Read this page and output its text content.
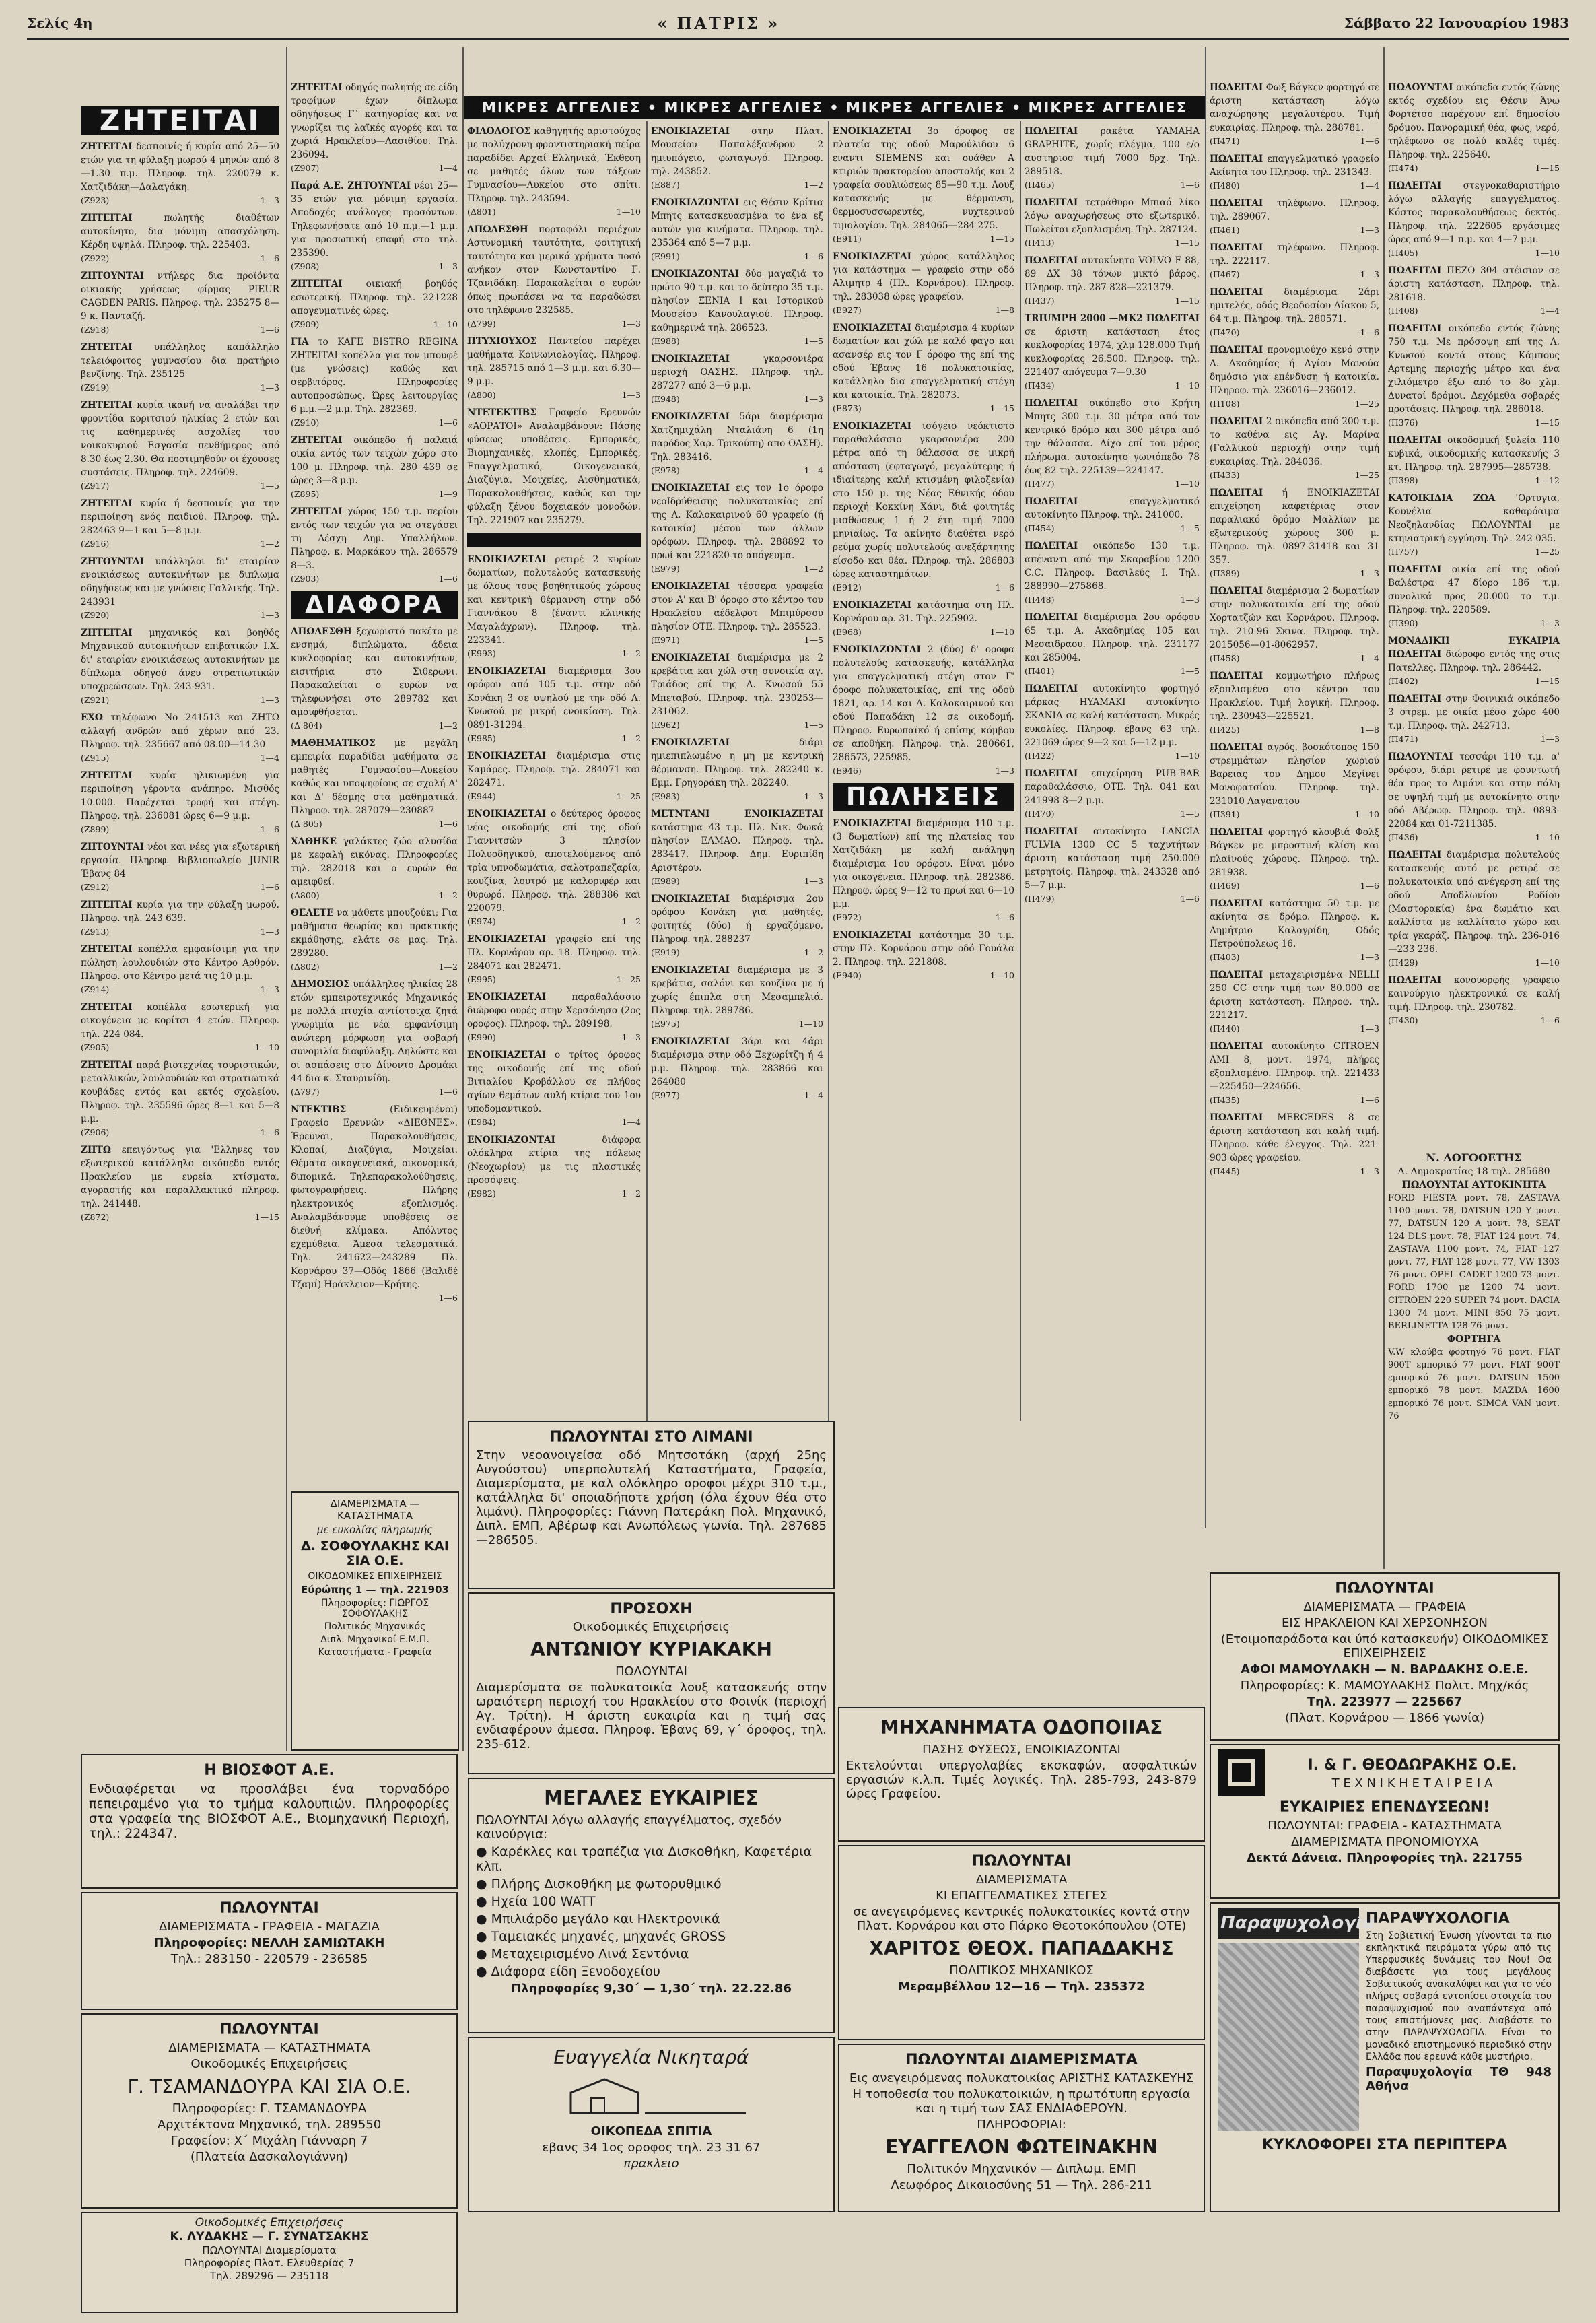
Σελίς 4η	« ΠΑΤΡΙΣ »	Σάββατο 22 Ιανουαρίου 1983
ΜΙΚΡΕΣ ΑΓΓΕΛΙΕΣ • ΜΙΚΡΕΣ ΑΓΓΕΛΙΕΣ • ΜΙΚΡΕΣ ΑΓΓΕΛΙΕΣ • ΜΙΚΡΕΣ ΑΓΓΕΛΙΕΣ
ΖΗΤΕΙΤΑΙ

ΖΗΤΕΙΤΑΙ δεσποινίς ή κυρία από 25—50 ετών για τη φύλαξη μωρού 4 μηνών από 8—1.30 π.μ. Πληροφ. τηλ. 220079 κ. Χατζιδάκη—Δαλαγάκη.
(Ζ923)	1—3

ΖΗΤΕΙΤΑΙ πωλητής διαθέτων αυτοκίνητο, δια μόνιμη απασχόληση. Κέρδη υψηλά. Πληροφ. τηλ. 225403.
(Ζ922)	1—6

ΖΗΤΟΥΝΤΑΙ ντήλερς δια προϊόντα οικιακής χρήσεως φίρμας PIEUR CAGDEN PARIS. Πληροφ. τηλ. 235275 8—9 κ. Πανταζή.
(Ζ918)	1—6

ΖΗΤΕΙΤΑΙ υπάλληλος καπάλληλο τελειόφοιτος γυμνασίου δια πρατήριο βενζίνης. Τηλ. 235125
(Ζ919)	1—3

ΖΗΤΕΙΤΑΙ κυρία ικανή να αναλάβει την φροντίδα κοριτσιού ηλικίας 2 ετών και τις καθημερινές ασχολίες του νοικοκυριού Εσγασία πενθήμερος από 8.30 έως 2.30. Θα ποοτιμηθούν οι έχουσες συστάσεις. Πληροφ. τηλ. 224609.
(Ζ917)	1—5

ΖΗΤΕΙΤΑΙ κυρία ή δεσποινίς για την περιποίηση ενός παιδιού. Πληροφ. τηλ. 282463 9—1 και 5—8 μ.μ.
(Ζ916)	1—2

ΖΗΤΟΥΝΤΑΙ υπάλληλοι δι' εταιρίαν ενοικιάσεως αυτοκινήτων με διπλωμα οδηγήσεως και με γνώσεις Γαλλικής. Τηλ. 243931
(Ζ920)	1—3

ΖΗΤΕΙΤΑΙ μηχανικός και βοηθός Μηχανικού αυτοκινήτων επιβατικών Ι.Χ. δι' εταιρίαν ενοικιάσεως αυτοκινήτων με δίπλωμα οδηγού άνευ στρατιωτικών υποχρεώσεων. Τηλ. 243-931.
(Ζ921)	1—3

ΕΧΩ τηλέφωνο Νο 241513 και ΖΗΤΩ αλλαγή ανδρών από χέρων από 23. Πληροφ. τηλ. 235667 από 08.00—14.30
(Ζ915)	1—4

ΖΗΤΕΙΤΑΙ κυρία ηλικιωμένη για περιποίηση γέροντα ανάπηρο. Μισθός 10.000. Παρέχεται τροφή και στέγη. Πληροφ. τηλ. 236081 ώρες 6—9 μ.μ.
(Ζ899)	1—6

ΖΗΤΟΥΝΤΑΙ νέοι και νέες για εξωτερική εργασία. Πληροφ. Βιβλιοπωλείο JUNIR Έβανς 84
(Ζ912)	1—6

ΖΗΤΕΙΤΑΙ κυρία για την φύλαξη μωρού. Πληροφ. τηλ. 243 639.
(Ζ913)	1—3

ΖΗΤΕΙΤΑΙ κοπέλλα εμφανίσιμη για την πώληση λουλουδιών στο Κέντρο Αρθρόν. Πληροφ. στο Κέντρο μετά τις 10 μ.μ.
(Ζ914)	1—3

ΖΗΤΕΙΤΑΙ κοπέλλα εσωτερική για οικογένεια με κορίτσι 4 ετών. Πληροφ. τηλ. 224 084.
(Ζ905)	1—10

ΖΗΤΕΙΤΑΙ παρά βιοτεχνίας τουριστικών, μεταλλικών, λουλουδιών και στρατιωτικά κουβάδες εντός και εκτός σχολείου. Πληροφ. τηλ. 235596 ώρες 8—1 και 5—8 μ.μ.
(Ζ906)	1—6

ΖΗΤΩ επειγόντως για 'Ελληνες του εξωτερικού κατάλληλο οικόπεδο εντός Ηρακλείου με ευρεία κτίσματα, αγοραστής και παραλλακτικό πληροφ. τηλ. 241448.
(Ζ872)	1—15

ΖΗΤΕΙΤΑΙ οδηγός πωλητής σε είδη τροφίμων έχων δίπλωμα οδηγήσεως Γ΄ κατηγορίας και να γνωρίζει τις λαϊκές αγορές και τα χωριά Ηρακλείου—Λασιθίου. Τηλ. 236094.
(Ζ907)	1—4

Παρά Α.Ε. ΖΗΤΟΥΝΤΑΙ νέοι 25—35 ετών για μόνιμη εργασία. Αποδοχές ανάλογες προσόντων. Τηλεφωνήσατε από 10 π.μ.—1 μ.μ. για προσωπική επαφή στο τηλ. 235390.
(Ζ908)	1—3

ΖΗΤΕΙΤΑΙ οικιακή βοηθός εσωτερική. Πληροφ. τηλ. 221228 απογευματινές ώρες.
(Ζ909)	1—10

ΓΙΑ το KAFE BISTRO REGINA ΖΗΤΕΙΤΑΙ κοπέλλα για τον μπουφέ (με γνώσεις) καθώς και σερβιτόρος. Πληροφορίες αυτοπροσώπως. Ώρες λειτουργίας 6 μ.μ.—2 μ.μ. Τηλ. 282369.
(Ζ910)	1—6

ΖΗΤΕΙΤΑΙ οικόπεδο ή παλαιά οικία εντός των τειχών χώρο στο 100 μ. Πληροφ. τηλ. 280 439 σε ώρες 3—8 μ.μ.
(Ζ895)	1—9

ΖΗΤΕΙΤΑΙ χώρος 150 τ.μ. περίου εντός των τειχών για να στεγάσει τη Λέσχη Δημ. Υπαλλήλων. Πληροφ. κ. Μαρκάκου τηλ. 286579 8—3.
(Ζ903)	1—6

ΔΙΑΦΟΡΑ

ΑΠΩΛΕΣΘΗ ξεχωριστό πακέτο με ενσημά, διπλώματα, άδεια κυκλοφορίας και αυτοκινήτων, εισιτήρια στο Σιθερωνι. Παρακαλείται ο ευρών να τηλεφωνήσει στο 289782 και αμοιφθήσεται.
(Δ 804)	1—2

ΜΑΘΗΜΑΤΙΚΟΣ με μεγάλη εμπειρία παραδίδει μαθήματα σε μαθητές Γυμνασίου—Λυκείου καθώς και υποψηφίους σε σχολή Α' και Δ' δέσμης στα μαθηματικά. Πληροφ. τηλ. 287079—230887
(Δ 805)	1—6

ΧΑΘΗΚΕ γαλάκτες ζώο αλυσίδα με κεφαλή εικόνας. Πληροφορίες τηλ. 282018 και ο ευρών θα αμειφθεί.
(Δ800)	1—2

ΘΕΛΕΤΕ να μάθετε μπουζούκι; Για μαθήματα θεωρίας και πρακτικής εκμάθησης, ελάτε σε μας. Τηλ. 289280.
(Δ802)	1—2

ΔΗΜΟΣΙΟΣ υπάλληλος ηλικίας 28 ετών εμπειροτεχνικός Μηχανικός με πολλά πτυχία αντίστοιχα ζητά γνωριμία με νέα εμφανίσιμη ανώτερη μόρφωση για σοβαρή συνομιλία διαφύλαξη. Δηλώστε και οι ασπάσεις στο Δίνοντο Δρομάκι 44 δια κ. Σταυρινίδη.
(Δ797)	1—6

ΝΤΕΚΤΙΒΣ (Ειδικευμένοι) Γραφείο Ερευνών «ΔΙΕΘΝΕΣ». Έρευναι, Παρακολουθήσεις, Κλοπαί, Διαζύγια, Μοιχείαι. Θέματα οικογενειακά, οικονομικά, διπομικά. Τηλεπαρακολούθησεις, φωτογραφήσεις. Πλήρης ηλεκτρονικός εξοπλισμός. Αναλαμβάνουμε υποθέσεις σε διεθνή κλίμακα. Απόλυτος εχεμύθεια. Άμεσα τελεσματικά. Τηλ. 241622—243289 Πλ. Κορνάρου 37—Οδός 1866 (Βαλιδέ Τζαμί) Ηράκλειον—Κρήτης.
1—6

ΦΙΛΟΛΟΓΟΣ καθηγητής αριστούχος με πολύχρονη φροντιστηριακή πείρα παραδίδει Αρχαί Ελληνικά, Έκθεση σε μαθητές όλων των τάξεων Γυμνασίου—Λυκείου στο σπίτι. Πληροφ. τηλ. 243594.
(Δ801)	1—10

ΑΠΩΛΕΣΘΗ πορτοφόλι περιέχων Αστυνομική ταυτότητα, φοιτητική ταυτότητα και μερικά χρήματα ποσό ανήκον στον Κωνσταντίνο Γ. Τζανιδάκη. Παρακαλείται ο ευρών όπως πρωπάσει να τα παραδώσει στο τηλέφωνο 232585.
(Δ799)	1—3

ΠΤΥΧΙΟΥΧΟΣ Παντείου παρέχει μαθήματα Κοινωνιολογίας. Πληροφ. τηλ. 285715 από 1—3 μ.μ. και 6.30—9 μ.μ.
(Δ800)	1—3

ΝΤΕΤΕΚΤΙΒΣ Γραφείο Ερευνών «ΑΟΡΑΤΟΙ» Αναλαμβάνουν: Πάσης φύσεως υποθέσεις. Εμπορικές, Βιομηχανικές, κλοπές, Εμπορικές, Επαγγελματικό, Οικογενειακά, Διαζύγια, Μοιχείες, Αισθηματικά, Παρακολουθήσεις, καθώς και την φύλαξη ξένου δοχειακόν μονοδών. Τηλ. 221907 και 235279.

ΕΝΟΙΚΙΑΖΕΤΑΙ ρετιρέ 2 κυρίων δωματίων, πολυτελούς κατασκευής με όλους τους βοηθητικούς χώρους και κεντρική θέρμανση στην οδό Γιαννάκου 8 (έναντι κλινικής Μαγαλάχρων). Πληροφ. τηλ. 223341.
(Ε993)	1—2

ΕΝΟΙΚΙΑΖΕΤΑΙ διαμέρισμα 3ου ορόφου από 105 τ.μ. στην οδό Κονάκη 3 σε υψηλού με την οδό Λ. Κνωσού με μικρή ενοικίαση. Τηλ. 0891-31294.
(Ε985)	1—2

ΕΝΟΙΚΙΑΖΕΤΑΙ διαμέρισμα στις Καμάρες. Πληροφ. τηλ. 284071 και 282471.
(Ε944)	1—25

ΕΝΟΙΚΙΑΖΕΤΑΙ ο δεύτερος όροφος νέας οικοδομής επί της οδού Γιαννιτσών 3 πλησίον Πολυοδηγικού, αποτελούμενος από τρία υπνοδωμάτια, σαλοτραπεζαρία, κουζίνα, λουτρό με καλοριφέρ και θυρωρό. Πληροφ. τηλ. 288386 και 220079.
(Ε974)	1—2

ΕΝΟΙΚΙΑΖΕΤΑΙ γραφείο επί της Πλ. Κορνάρου αρ. 18. Πληροφ. τηλ. 284071 και 282471.
(Ε995)	1—25

ΕΝΟΙΚΙΑΖΕΤΑΙ παραθαλάσσιο διώροφο ουρές στην Χερσόνησο (2ος οροφος). Πληροφ. τηλ. 289198.
(Ε990)	1—3

ΕΝΟΙΚΙΑΖΕΤΑΙ ο τρίτος όροφος της οικοδομής επί της οδού Βιτιαλίου Κροβάλλου σε πλήθος αγίων θεμάτων αυλή κτίρια του 1ου υποδομαντικού.
(Ε984)	1—4

ΕΝΟΙΚΙΑΖΟΝΤΑΙ διάφορα ολόκληρα κτίρια της πόλεως (Νεοχωρίου) με τις πλαστικές προσόψεις.
(Ε982)	1—2

ΕΝΟΙΚΙΑΖΕΤΑΙ στην Πλατ. Μουσείου Παπαλέξανδρου 2 ημιυπόγειο, φωταγωγό. Πληροφ. τηλ. 243852.
(Ε887)	1—2

ΕΝΟΙΚΙΑΖΟΝΤΑΙ εις Θέσιν Κρίτια Μπητς κατασκευασμένα το ένα εξ αυτών για κινήματα. Πληροφ. τηλ. 235364 από 5—7 μ.μ.
(Ε991)	1—6

ΕΝΟΙΚΙΑΖΟΝΤΑΙ δύο μαγαζιά το πρώτο 90 τ.μ. και το δεύτερο 35 τ.μ. πλησίον ΞΕΝΙΑ Ι και Ιστορικού Μουσείου Κανουλαγιού. Πληροφ. καθημερινά τηλ. 286523.
(Ε988)	1—5

ΕΝΟΙΚΙΑΖΕΤΑΙ γκαρσονιέρα περιοχή ΟΑΣΗΣ. Πληροφ. τηλ. 287277 από 3—6 μ.μ.
(Ε948)	1—3

ΕΝΟΙΚΙΑΖΕΤΑΙ 5άρι διαμέρισμα Χατζημιχάλη Νταλιάνη 6 (1η παρόδος Χαρ. Τρικούπη) απο ΟΑΣΗ). Τηλ. 283416.
(Ε978)	1—4

ΕΝΟΙΚΙΑΖΕΤΑΙ εις τον 1ο όροφο νεοΙδρύθεισης πολυκατοικίας επί της Λ. Καλοκαιρινού 60 γραφείο (ή κατοικία) μέσου των άλλων ορόφων. Πληροφ. τηλ. 288892 το πρωί και 221820 το απόγευμα.
(Ε979)	1—2

ΕΝΟΙΚΙΑΖΕΤΑΙ τέσσερα γραφεία στον Α' και Β' όροφο στο κέντρο του Ηρακλείου αέδελφοτ Μπιμύρσου πλησίον ΟΤΕ. Πληροφ. τηλ. 285523.
(Ε971)	1—5

ΕΝΟΙΚΙΑΖΕΤΑΙ διαμέρισμα με 2 κρεβάτια και χώλ στη συνοικία αγ. Τριάδος επί της Λ. Κνωσού 55 Μπεταβού. Πληροφ. τηλ. 230253—231062.
(Ε962)	1—5

ΕΝΟΙΚΙΑΖΕΤΑΙ διάρι ημιεπιπλωμένο η μη με κεντρική θέρμανση. Πληροφ. τηλ. 282240 κ. Εμμ. Γρηγοράκη τηλ. 282240.
(Ε983)	1—3

ΜΕΤΝΤΑΝΙ ΕΝΟΙΚΙΑΖΕΤΑΙ κατάστημα 43 τ.μ. Πλ. Νικ. Φωκά πλησίον ΕΛΜΑΟ. Πληροφ. τηλ. 283417. Πληροφ. Δημ. Ευριπίδη Αριστέρου.
(Ε989)	1—3

ΕΝΟΙΚΙΑΖΕΤΑΙ διαμέρισμα 2ου ορόφου Κονάκη για μαθητές, φοιτητές (δύο) ή εργαζόμενο. Πληροφ. τηλ. 288237
(Ε919)	1—2

ΕΝΟΙΚΙΑΖΕΤΑΙ διαμέρισμα με 3 κρεβάτια, σαλόνι και κουζίνα με ή χωρίς έπιπλα στη Μεσαμπελιά. Πληροφ. τηλ. 289786.
(Ε975)	1—10

ΕΝΟΙΚΙΑΖΕΤΑΙ 3άρι και 4άρι διαμέρισμα στην οδό Ξεχωρίτζη ή 4 μ.μ. Πληροφ. τηλ. 283866 και 264080
(Ε977)	1—4

ΕΝΟΙΚΙΑΖΕΤΑΙ 3ο όροφος σε πλατεία της οδού Μαρούλιδου 6 εναντι SIEMENS και ουάθεν Α κτιριών πρακτορείου αποστολής και 2 γραφεία σουλιώσεως 85—90 τ.μ. Λουξ κατασκευής με θέρμανση, θερμοσυσσωρευτές, νυχτερινού τιμολογίου. Τηλ. 284065—284 275.
(Ε911)	1—15

ΕΝΟΙΚΙΑΖΕΤΑΙ χώρος κατάλληλος για κατάστημα — γραφείο στην οδό Αλιμητρ 4 (Πλ. Κορνάρου). Πληροφ. τηλ. 283038 ώρες γραφείου.
(Ε927)	1—8

ΕΝΟΙΚΙΑΖΕΤΑΙ διαμέρισμα 4 κυρίων δωματίων και χώλ με καλό φαγο και ασανσέρ εις τον Γ όροφο της επί της οδού Έβανς 16 πολυκατοικίας, κατάλληλο δια επαγγελματική στέγη και κατοικία. Τηλ. 282073.
(Ε873)	1—15

ΕΝΟΙΚΙΑΖΕΤΑΙ ισόγειο νεόκτιστο παραθαλάσσιο γκαρσονιέρα 200 μέτρα από τη θάλασσα σε μικρή απόσταση (εφταγωγό, μεγαλύτερης ή ιδιαίτερης καλή κτισμένη φιλοξενία) στο 150 μ. της Νέας Εθνικής όδου περιοχή Κοκκίνη Χάνι, διά φοιτητές μισθώσεως 1 ή 2 έτη τιμή 7000 μηνιαίως. Τα ακίνητο διαθέτει νερό ρεύμα χωρίς πολυτελούς ανεξάρτητης είσοδο και θέα. Πληροφ. τηλ. 286803 ώρες καταστημάτων.
(Ε912)	1—6

ΕΝΟΙΚΙΑΖΕΤΑΙ κατάστημα στη Πλ. Κορνάρου αρ. 31. Τηλ. 225902.
(Ε968)	1—10

ΕΝΟΙΚΙΑΖΟΝΤΑΙ 2 (δύο) δ' οροφα πολυτελούς κατασκευής, κατάλληλα για επαγγελματική στέγη στον Γ' όροφο πολυκατοικίας, επί της οδού 1821, αρ. 14 και Λ. Καλοκαιρινού και οδού Παπαδάκη 12 σε οικοδομή. Πληροφ. Ευρωπαϊκό ή επίσης κόμβου σε αποθήκη. Πληροφ. τηλ. 280661, 286573, 225985.
(Ε946)	1—3

ΠΩΛΗΣΕΙΣ

ΕΝΟΙΚΙΑΖΕΤΑΙ διαμέρισμα 110 τ.μ. (3 δωματίων) επί της πλατείας του Χατζιδάκη με καλή ανάληψη διαμέρισμα 1ου ορόφου. Είναι μόνο για οικογένεια. Πληροφ. τηλ. 282386. Πληροφ. ώρες 9—12 το πρωί και 6—10 μ.μ.
(Ε972)	1—6

ΕΝΟΙΚΙΑΖΕΤΑΙ κατάστημα 30 τ.μ. στην Πλ. Κορνάρου στην οδό Γουάλα 2. Πληροφ. τηλ. 221808.
(Ε940)	1—10

ΠΩΛΕΙΤΑΙ ρακέτα ΥΑΜΑΗΑ GRAPHITE, χωρίς πλέγμα, 100 ε/ο αυστηριοσ τιμή 7000 δρχ. Τηλ. 289518.
(Π465)	1—6

ΠΩΛΕΙΤΑΙ τετράθυρο Μπιαό λίκο λόγω αναχωρήσεως στο εξωτερικό. Πωλείται εξοπλισμένη. Τηλ. 287124.
(Π413)	1—15

ΠΩΛΕΙΤΑΙ αυτοκίνητο VOLVO F 88, 89 ΔΧ 38 τόνων μικτό βάρος. Πληροφ. τηλ. 287 828—221379.
(Π437)	1—15

TRIUMPH 2000 —MK2 ΠΩΛΕΙΤΑΙ σε άριστη κατάσταση έτος κυκλοφορίας 1974, χλμ 128.000 Τιμή κυκλοφορίας 26.500. Πληροφ. τηλ. 221407 απόγευμα 7—9.30
(Π434)	1—10

ΠΩΛΕΙΤΑΙ οικόπεδο στο Κρήτη Μπητς 300 τ.μ. 30 μέτρα από τον κεντρικό δρόμο και 300 μέτρα από την θάλασσα. Δίχο επί του μέρος πλήρωμα, αυτοκίνητο γωνιόπεδο 78 έως 82 τηλ. 225139—224147.
(Π477)	1—10

ΠΩΛΕΙΤΑΙ επαγγελματικό αυτοκίνητο Πληροφ. τηλ. 241000.
(Π454)	1—5

ΠΩΛΕΙΤΑΙ οικόπεδο 130 τ.μ. απέναντι από την Σκαραβίου 1200 C.C. Πληροφ. Βασιλεύς Ι. Τηλ. 288990—275868.
(Π448)	1—3

ΠΩΛΕΙΤΑΙ διαμέρισμα 2ου ορόφου 65 τ.μ. Α. Ακαδημίας 105 και Μεσαιδραου. Πληροφ. τηλ. 231177 και 285004.
(Π401)	1—5

ΠΩΛΕΙΤΑΙ αυτοκίνητο φορτηγό μάρκας HYAMAKI αυτοκίνητο ΣΚΑΝΙΑ σε καλή κατάσταση. Μικρές ευκολίες. Πληροφ. έβανς 63 τηλ. 221069 ώρες 9—2 και 5—12 μ.μ.
(Π422)	1—10

ΠΩΛΕΙΤΑΙ επιχείρηση PUB-BAR παραθαλάσσιο, ΟΤΕ. Τηλ. 041 και 241998 8—2 μ.μ.
(Π470)	1—5

ΠΩΛΕΙΤΑΙ αυτοκίνητο LANCIA FULVIA 1300 CC 5 ταχυτήτων άριστη κατάσταση τιμή 250.000 μετρητοίς. Πληροφ. τηλ. 243328 από 5—7 μ.μ.
(Π479)	1—6

ΠΩΛΕΙΤΑΙ Φωξ Βάγκεν φορτηγό σε άριστη κατάσταση λόγω αναχώρησης μεγαλυτέρου. Τιμή ευκαιρίας. Πληροφ. τηλ. 288781.
(Π471)	1—6

ΠΩΛΕΙΤΑΙ επαγγελματικό γραφείο Ακίνητα του Πληροφ. τηλ. 231343.
(Π480)	1—4

ΠΩΛΕΙΤΑΙ τηλέφωνο. Πληροφ. τηλ. 289067.
(Π461)	1—3

ΠΩΛΕΙΤΑΙ τηλέφωνο. Πληροφ. τηλ. 222117.
(Π467)	1—3

ΠΩΛΕΙΤΑΙ διαμέρισμα 2άρι ημιτελές, οδός Θεοδοσίου Δίακου 5, 64 τ.μ. Πληροφ. τηλ. 280571.
(Π470)	1—6

ΠΩΛΕΙΤΑΙ προνομιούχο κενό στην Λ. Ακαδημίας ή Αγίου Μανούα δημόσιο για επένδυση ή κατοικία. Πληροφ. τηλ. 236016—236012.
(Π108)	1—25

ΠΩΛΕΙΤΑΙ 2 οικόπεδα από 200 τ.μ. το καθένα εις Αγ. Μαρίνα (Γαλλικού περιοχή) στην τιμή ευκαιρίας. Τηλ. 284036.
(Π433)	1—25

ΠΩΛΕΙΤΑΙ ή ΕΝΟΙΚΙΑΖΕΤΑΙ επιχείρηση καφετέριας στον παραλιακό δρόμο Μαλλίων με εξωτερικούς χώρους 300 μ. Πληροφ. τηλ. 0897-31418 και 31 357.
(Π389)	1—3

ΠΩΛΕΙΤΑΙ διαμέρισμα 2 δωματίων στην πολυκατοικία επί της οδού Χορτατζών και Κορνάρου. Πληροφ. τηλ. 210-96 Σκινα. Πληροφ. τηλ. 2015056—01-8062957.
(Π458)	1—4

ΠΩΛΕΙΤΑΙ κομμωτήριο πλήρως εξοπλισμένο στο κέντρο του Ηρακλείου. Τιμή λογική. Πληροφ. τηλ. 230943—225521.
(Π425)	1—8

ΠΩΛΕΙΤΑΙ αγρός, βοσκότοπος 150 στρεμμάτων πλησίον χωριού Βαρειας του Δημου Μεγίνει Μονοφατσίου. Πληροφ. τηλ. 231010 Λαγανατου
(Π391)	1—10

ΠΩΛΕΙΤΑΙ φορτηγό κλουβιά Φολξ Βάγκεν με μπροστινή κλίση και πλαϊνούς χώρους. Πληροφ. τηλ. 281938.
(Π469)	1—6

ΠΩΛΕΙΤΑΙ κατάστημα 50 τ.μ. με ακίνητα σε δρόμο. Πληροφ. κ. Δημήτριο Καλογρίδη, Οδός Πετρούπολεως 16.
(Π403)	1—3

ΠΩΛΕΙΤΑΙ μεταχειρισμένα NELLI 250 CC στην τιμή των 80.000 σε άριστη κατάσταση. Πληροφ. τηλ. 221217.
(Π440)	1—3

ΠΩΛΕΙΤΑΙ αυτοκίνητο CITROEN AMI 8, μοντ. 1974, πλήρες εξοπλισμένο. Πληροφ. τηλ. 221433—225450—224656.
(Π435)	1—6

ΠΩΛΕΙΤΑΙ MERCEDES 8 σε άριστη κατάσταση και καλή τιμή. Πληροφ. κάθε έλεγχος. Τηλ. 221-903 ώρες γραφείου.
(Π445)	1—3

ΠΩΛΟΥΝΤΑΙ οικόπεδα εντός ζώνης εκτός σχεδίου εις Θέσιν Άνω Φορτέτσο παρέχουν επί δημοσίου δρόμου. Πανοραμική θέα, φως, νερό, τηλέφωνο σε πολύ καλές τιμές. Πληροφ. τηλ. 225640.
(Π474)	1—15

ΠΩΛΕΙΤΑΙ στεγνοκαθαριστήριο λόγω αλλαγής επαγγέλματος. Κόστος παρακολουθήσεως δεκτός. Πληροφ. τηλ. 222605 εργάσιμες ώρες από 9—1 π.μ. και 4—7 μ.μ.
(Π405)	1—10

ΠΩΛΕΙΤΑΙ ΠΕΖΟ 304 στέισιον σε άριστη κατάσταση. Πληροφ. τηλ. 281618.
(Π408)	1—4

ΠΩΛΕΙΤΑΙ οικόπεδο εντός ζώνης 750 τ.μ. Με πρόσοψη επί της Λ. Κνωσού κοντά στους Κάμπους Αρτεμης περιοχής μέτρο και ένα χιλιόμετρο έξω από το 8ο χλμ. Δυνατοί δρόμοι. Δεχόμεθα σοβαρές προτάσεις. Πληροφ. τηλ. 286018.
(Π376)	1—15

ΠΩΛΕΙΤΑΙ οικοδομική ξυλεία 110 κυβικά, οικοδομικής κατασκευής 3 κτ. Πληροφ. τηλ. 287995—285738.
(Π398)	1—12

ΚΑΤΟΙΚΙΔΙΑ ΖΩΑ 'Ορτυγια, Κουνέλια καθαρόαιμα Νεοζηλανδίας ΠΩΛΟΥΝΤΑΙ με κτηνιατρική εγγύηση. Τηλ. 242 035.
(Π757)	1—25

ΠΩΛΕΙΤΑΙ οικία επί της οδού Βαλέστρα 47 δίορο 186 τ.μ. συνολικά προς 20.000 το τ.μ. Πληροφ. τηλ. 220589.
(Π390)	1—3

ΜΟΝΑΔΙΚΗ ΕΥΚΑΙΡΙΑ ΠΩΛΕΙΤΑΙ διώροφο εντός της στις Πατελλες. Πληροφ. τηλ. 286442.
(Π402)	1—15

ΠΩΛΕΙΤΑΙ στην Φοινικιά οικόπεδο 3 στρεμ. με οικία μέσο χώρο 400 τ.μ. Πληροφ. τηλ. 242713.
(Π471)	1—3

ΠΩΛΟΥΝΤΑΙ τεσσάρι 110 τ.μ. α' ορόφου, διάρι ρετιρέ με φουντωτή θέα προς το Λιμάνι και στην πόλη σε υψηλή τιμή με αυτοκίνητο στην οδό Αβέρωφ. Πληροφ. τηλ. 0893-22084 και 01-7211385.
(Π436)	1—10

ΠΩΛΕΙΤΑΙ διαμέρισμα πολυτελούς κατασκευής αυτό με ρετιρέ σε πολυκατοικία υπό ανέγερση επί της οδού Αποδλωνίου Ροδίου (Μαστορακία) ένα δωμάτιο και καλλίστα με καλλίτατο χώρο και τρία γκαράζ. Πληροφ. τηλ. 236-016—233 236.
(Π429)	1—10

ΠΩΛΕΙΤΑΙ κονουορφής γραφειο καινούργιο ηλεκτρονικά σε καλή τιμή. Πληροφ. τηλ. 230782.
(Π430)	1—6

Η ΒΙΟΣΦΟΤ Α.Ε.
Ενδιαφέρεται να προσλάβει ένα τορναδόρο πεπειραμένο για το τμήμα καλουπιών. Πληροφορίες στα γραφεία της ΒΙΟΣΦΟΤ Α.Ε., Βιομηχανική Περιοχή, τηλ.: 224347.
ΠΩΛΟΥΝΤΑΙ
ΔΙΑΜΕΡΙΣΜΑΤΑ - ΓΡΑΦΕΙΑ - ΜΑΓΑΖΙΑ
Πληροφορίες: ΝΕΛΛΗ ΣΑΜΙΩΤΑΚΗ
Τηλ.: 283150 - 220579 - 236585
ΠΩΛΟΥΝΤΑΙ
ΔΙΑΜΕΡΙΣΜΑΤΑ — ΚΑΤΑΣΤΗΜΑΤΑ
Οικοδομικές Επιχειρήσεις
Γ. ΤΣΑΜΑΝΔΟΥΡΑ ΚΑΙ ΣΙΑ Ο.Ε.
Πληροφορίες: Γ. ΤΣΑΜΑΝΔΟΥΡΑ
Αρχιτέκτονα Μηχανικό, τηλ. 289550
Γραφείον: Χ΄ Μιχάλη Γιάνναρη 7
(Πλατεία Δασκαλογιάννη)
ΠΩΛΟΥΝΤΑΙ ΣΤΟ ΛΙΜΑΝΙ
Στην νεοανοιγείσα οδό Μητσοτάκη (αρχή 25ης Αυγούστου) υπερπολυτελή Καταστήματα, Γραφεία, Διαμερίσματα, με καλ ολόκληρο οροφοι μέχρι 310 τ.μ., κατάλληλα δι' οποιαδήποτε χρήση (όλα έχουν θέα στο λιμάνι). Πληροφορίες: Γιάννη Πατεράκη Πολ. Μηχανικό, Διπλ. ΕΜΠ, Αβέρωφ και Ανωπόλεως γωνία. Τηλ. 287685—286505.
ΠΡΟΣΟΧΗ
Οικοδομικές Επιχειρήσεις
ΑΝΤΩΝΙΟΥ ΚΥΡΙΑΚΑΚΗ
ΠΩΛΟΥΝΤΑΙ
Διαμερίσματα σε πολυκατοικία λουξ κατασκευής στην ωραιότερη περιοχή του Ηρακλείου στο Φοινίκ (περιοχή Αγ. Τρίτη). Η άριστη ευκαιρία και η τιμή σας ενδιαφέρουν άμεσα. Πληροφ. Έβανς 69, γ΄ όροφος, τηλ. 235-612.
ΜΕΓΑΛΕΣ ΕΥΚΑΙΡΙΕΣ
ΠΩΛΟΥΝΤΑΙ λόγω αλλαγής επαγγέλματος, σχεδόν καινούργια:
● Καρέκλες και τραπέζια για Δισκοθήκη, Καφετέρια κλπ.
● Πλήρης Δισκοθήκη με φωτορυθμικό
● Ηχεία 100 WATT
● Μπιλιάρδο μεγάλο και Ηλεκτρονικά
● Ταμειακές μηχανές, μηχανές GROSS
● Μεταχειρισμένο Λινά Σεντόνια
● Διάφορα είδη Ξενοδοχείου
Πληροφορίες 9,30΄ — 1,30΄ τηλ. 22.22.86
Ευαγγελία Νικηταρά
ΟΙΚΟΠΕΔΑ ΣΠΙΤΙΑ
εβανς 34 1ος οροφος τηλ. 23 31 67
πρακλειο
ΜΗΧΑΝΗΜΑΤΑ ΟΔΟΠΟΙΙΑΣ
ΠΑΣΗΣ ΦΥΣΕΩΣ, ΕΝΟΙΚΙΑΖΟΝΤΑΙ
Εκτελούνται υπεργολαβίες εκσκαφών, ασφαλτικών εργασιών κ.λ.π. Τιμές λογικές. Τηλ. 285-793, 243-879 ώρες Γραφείου.
ΠΩΛΟΥΝΤΑΙ
ΔΙΑΜΕΡΙΣΜΑΤΑ
ΚΙ ΕΠΑΓΓΕΛΜΑΤΙΚΕΣ ΣΤΕΓΕΣ
σε ανεγειρόμενες κεντρικές πολυκατοικίες κοντά στην Πλατ. Κορνάρου και στο Πάρκο Θεοτοκόπουλου (ΟΤΕ)
ΧΑΡΙΤΟΣ ΘΕΟΧ. ΠΑΠΑΔΑΚΗΣ
ΠΟΛΙΤΙΚΟΣ ΜΗΧΑΝΙΚΟΣ
Μεραμβέλλου 12—16 — Τηλ. 235372
ΠΩΛΟΥΝΤΑΙ ΔΙΑΜΕΡΙΣΜΑΤΑ
Εις ανεγειρόμενας πολυκατοικίας ΑΡΙΣΤΗΣ ΚΑΤΑΣΚΕΥΗΣ
Η τοποθεσία του πολυκατοικιών, η πρωτότυπη εργασία και η τιμή των ΣΑΣ ΕΝΔΙΑΦΕΡΟΥΝ.
ΠΛΗΡΟΦΟΡΙΑΙ:
ΕΥΑΓΓΕΛΟΝ ΦΩΤΕΙΝΑΚΗΝ
Πολιτικόν Μηχανικόν — Διπλωμ. ΕΜΠ
Λεωφόρος Δικαιοσύνης 51 — Τηλ. 286-211
ΠΩΛΟΥΝΤΑΙ
ΔΙΑΜΕΡΙΣΜΑΤΑ — ΓΡΑΦΕΙΑ
ΕΙΣ ΗΡΑΚΛΕΙΟΝ ΚΑΙ ΧΕΡΣΟΝΗΣΟΝ
(Ετοιμοπαράδοτα και ύπό κατασκευήν) ΟΙΚΟΔΟΜΙΚΕΣ ΕΠΙΧΕΙΡΗΣΕΙΣ
ΑΦΟΙ ΜΑΜΟΥΛΑΚΗ — Ν. ΒΑΡΔΑΚΗΣ Ο.Ε.Ε.
Πληροφορίες: Κ. ΜΑΜΟΥΛΑΚΗΣ Πολιτ. Μηχ/κός
Τηλ. 223977 — 225667
(Πλατ. Κορνάρου — 1866 γωνία)
Ι. & Γ. ΘΕΟΔΩΡΑΚΗΣ Ο.Ε.
Τ Ε Χ Ν Ι Κ Η Ε Τ Α Ι Ρ Ε Ι Α
ΕΥΚΑΙΡΙΕΣ ΕΠΕΝΔΥΣΕΩΝ!
ΠΩΛΟΥΝΤΑΙ: ΓΡΑΦΕΙΑ - ΚΑΤΑΣΤΗΜΑΤΑ
ΔΙΑΜΕΡΙΣΜΑΤΑ ΠΡΟΝΟΜΙΟΥΧΑ
Δεκτά Δάνεια. Πληροφορίες τηλ. 221755
Παραψυχολογία
ΠΑΡΑΨΥΧΟΛΟΓΙΑ
Στη Σοβιετική Ένωση γίνονται τα πιο εκπληκτικά πειράματα γύρω από τις Υπερφυσικές δυνάμεις του Νου! Θα διαβάσετε για τους μεγάλους Σοβιετικούς ανακαλύψει και για το νέο πλήρες σοβαρά εντοπίσει στοιχεία του παραψυχισμού που αναπάντεχα από τους επιστήμονες μας. Διαβάστε το στην ΠΑΡΑΨΥΧΟΛΟΓΙΑ. Είναι το μοναδικό επιστημονικό περιοδικό στην Ελλάδα που ερευνά κάθε μυστήριο.
Παραψυχολογία ΤΘ 948 Αθήνα
ΚΥΚΛΟΦΟΡΕΙ ΣΤΑ ΠΕΡΙΠΤΕΡΑ
Ν. ΛΟΓΟΘΕΤΗΣ
Λ. Δημοκρατίας 18 τηλ. 285680
ΠΩΛΟΥΝΤΑΙ ΑΥΤΟΚΙΝΗΤΑ
FORD FIESTA μοντ. 78, ZASTAVA 1100 μοντ. 78, DATSUN 120 Υ μοντ. 77, DATSUN 120 Α μοντ. 78, SEAT 124 DLS μοντ. 78, FIAT 124 μοντ. 74, ZASTAVA 1100 μοντ. 74, FIAT 127 μοντ. 77, FIAT 128 μοντ. 77, VW 1303 76 μοντ. OPEL CADET 1200 73 μοντ. FORD 1700 με 1200 74 μοντ. CITROEN 220 SUPER 74 μοντ. DACIA 1300 74 μοντ. MINI 850 75 μοντ. BERLINETTA 128 76 μοντ.
ΦΟΡΤΗΓΑ
V.W κλούβα φορτηγό 76 μοντ. FIAT 900T εμπορικό 77 μοντ. FIAT 900T εμπορικό 76 μοντ. DATSUN 1500 εμπορικό 78 μοντ. MAZDA 1600 εμπορικό 76 μοντ. SIMCA VAN μοντ. 76
Οικοδομικές Επιχειρήσεις
Κ. ΛΥΔΑΚΗΣ — Γ. ΣΥΝΑΤΣΑΚΗΣ
ΠΩΛΟΥΝΤΑΙ Διαμερίσματα
Πληροφορίες Πλατ. Ελευθερίας 7
Τηλ. 289296 — 235118
ΔΙΑΜΕΡΙΣΜΑΤΑ — ΚΑΤΑΣΤΗΜΑΤΑ
με ευκολίας πληρωμής
Δ. ΣΟΦΟΥΛΑΚΗΣ ΚΑΙ ΣΙΑ Ο.Ε.
ΟΙΚΟΔΟΜΙΚΕΣ ΕΠΙΧΕΙΡΗΣΕΙΣ
Εύρώπης 1 — τηλ. 221903
Πληροφορίες: ΓΙΩΡΓΟΣ ΣΟΦΟΥΛΑΚΗΣ
Πολιτικός Μηχανικός
Διπλ. Μηχανικοί Ε.Μ.Π.
Καταστήματα - Γραφεία
